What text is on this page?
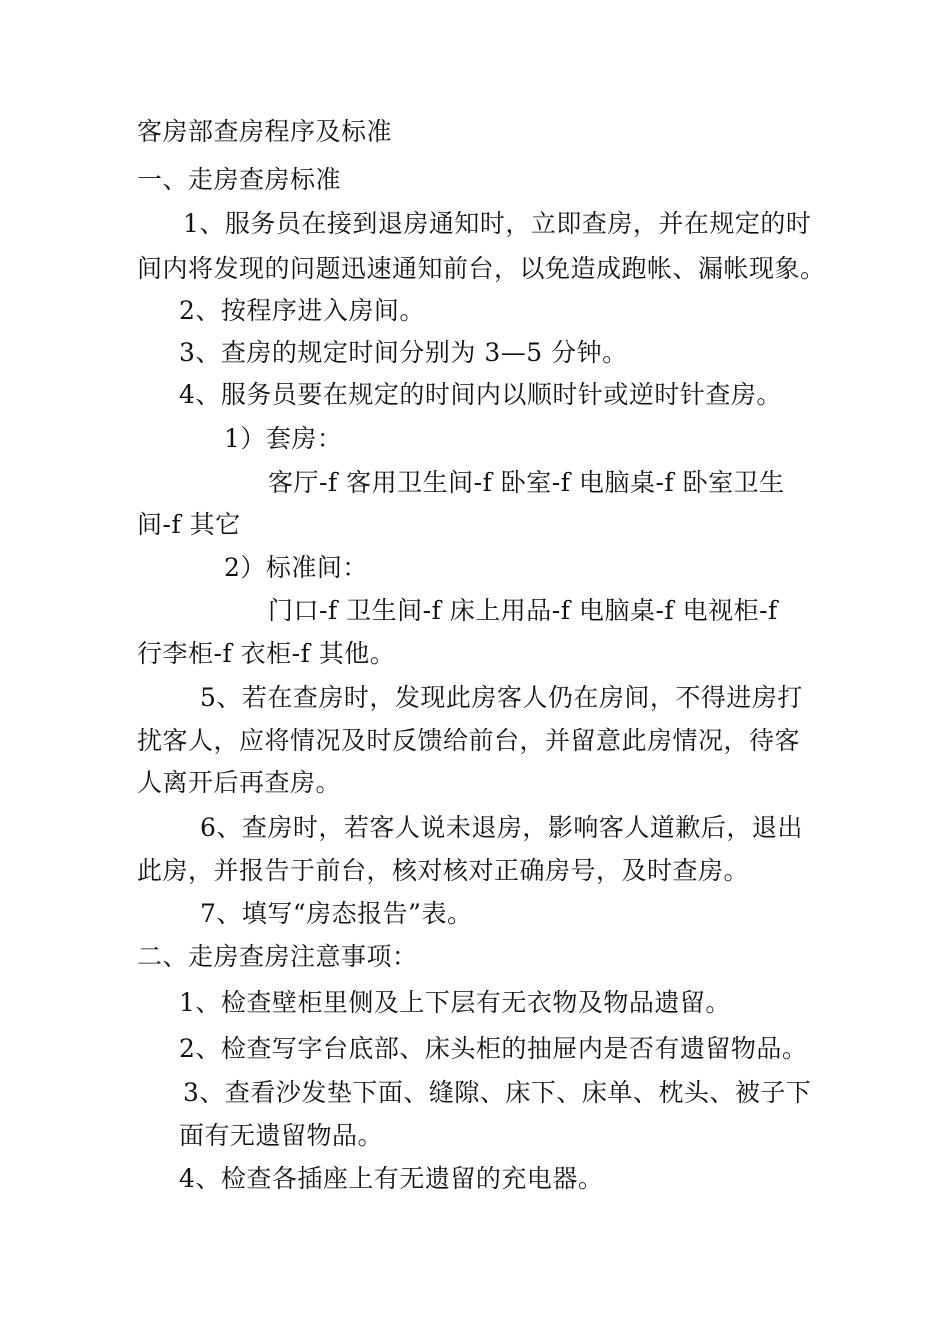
客房部查房程序及标准
一、走房查房标准
1、服务员在接到退房通知时，立即查房，并在规定的时
间内将发现的问题迅速通知前台，以免造成跑帐、漏帐现象。
2、按程序进入房间。
3、查房的规定时间分别为 3—5 分钟。
4、服务员要在规定的时间内以顺时针或逆时针查房。
1）套房：
客厅-f 客用卫生间-f 卧室-f 电脑桌-f 卧室卫生
间-f 其它
2）标准间：
门口-f 卫生间-f 床上用品-f 电脑桌-f 电视柜-f
行李柜-f 衣柜-f 其他。
5、若在查房时，发现此房客人仍在房间，不得进房打
扰客人，应将情况及时反馈给前台，并留意此房情况，待客
人离开后再查房。
6、查房时，若客人说未退房，影响客人道歉后，退出
此房，并报告于前台，核对核对正确房号，及时查房。
7、填写“房态报告”表。
二、走房查房注意事项：
1、检查壁柜里侧及上下层有无衣物及物品遗留。
2、检查写字台底部、床头柜的抽屉内是否有遗留物品。
3、查看沙发垫下面、缝隙、床下、床单、枕头、被子下
面有无遗留物品。
4、检查各插座上有无遗留的充电器。
